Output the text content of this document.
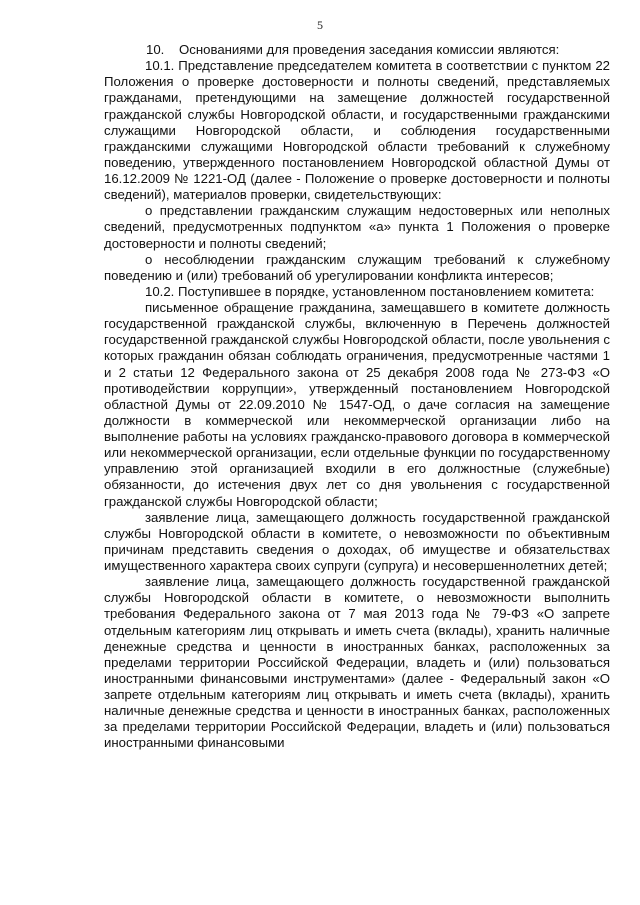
5

10.    Основаниями для проведения заседания комиссии являются:

10.1. Представление председателем комитета в соответствии с пунктом 22 Положения о проверке достоверности и полноты сведений, представляемых гражданами, претендующими на замещение должностей государственной гражданской службы Новгородской области, и государственными гражданскими служащими Новгородской области, и соблюдения государственными гражданскими служащими Новгородской области требований к служебному поведению, утвержденного постановлением Новгородской областной Думы от 16.12.2009 № 1221-ОД (далее - Положение о проверке достоверности и полноты сведений), материалов проверки, свидетельствующих:

о представлении гражданским служащим недостоверных или неполных сведений, предусмотренных подпунктом «а» пункта 1 Положения о проверке достоверности и полноты сведений;

о несоблюдении гражданским служащим требований к служебному поведению и (или) требований об урегулировании конфликта интересов;

10.2. Поступившее в порядке, установленном постановлением комитета:

письменное обращение гражданина, замещавшего в комитете должность государственной гражданской службы, включенную в Перечень должностей государственной гражданской службы Новгородской области, после увольнения с которых гражданин обязан соблюдать ограничения, предусмотренные частями 1 и 2 статьи 12 Федерального закона от 25 декабря 2008 года № 273-ФЗ «О противодействии коррупции», утвержденный постановлением Новгородской областной Думы от 22.09.2010 № 1547-ОД, о даче согласия на замещение должности в коммерческой или некоммерческой организации либо на выполнение работы на условиях гражданско-правового договора в коммерческой или некоммерческой организации, если отдельные функции по государственному управлению этой организацией входили в его должностные (служебные) обязанности, до истечения двух лет со дня увольнения с государственной гражданской службы Новгородской области;

заявление лица, замещающего должность государственной гражданской службы Новгородской области в комитете, о невозможности по объективным причинам представить сведения о доходах, об имуществе и обязательствах имущественного характера своих супруги (супруга) и несовершеннолетних детей;

заявление лица, замещающего должность государственной гражданской службы Новгородской области в комитете, о невозможности выполнить требования Федерального закона от 7 мая 2013 года № 79-ФЗ «О запрете отдельным категориям лиц открывать и иметь счета (вклады), хранить наличные денежные средства и ценности в иностранных банках, расположенных за пределами территории Российской Федерации, владеть и (или) пользоваться иностранными финансовыми инструментами» (далее - Федеральный закон «О запрете отдельным категориям лиц открывать и иметь счета (вклады), хранить наличные денежные средства и ценности в иностранных банках, расположенных за пределами территории Российской Федерации, владеть и (или) пользоваться иностранными финансовыми
